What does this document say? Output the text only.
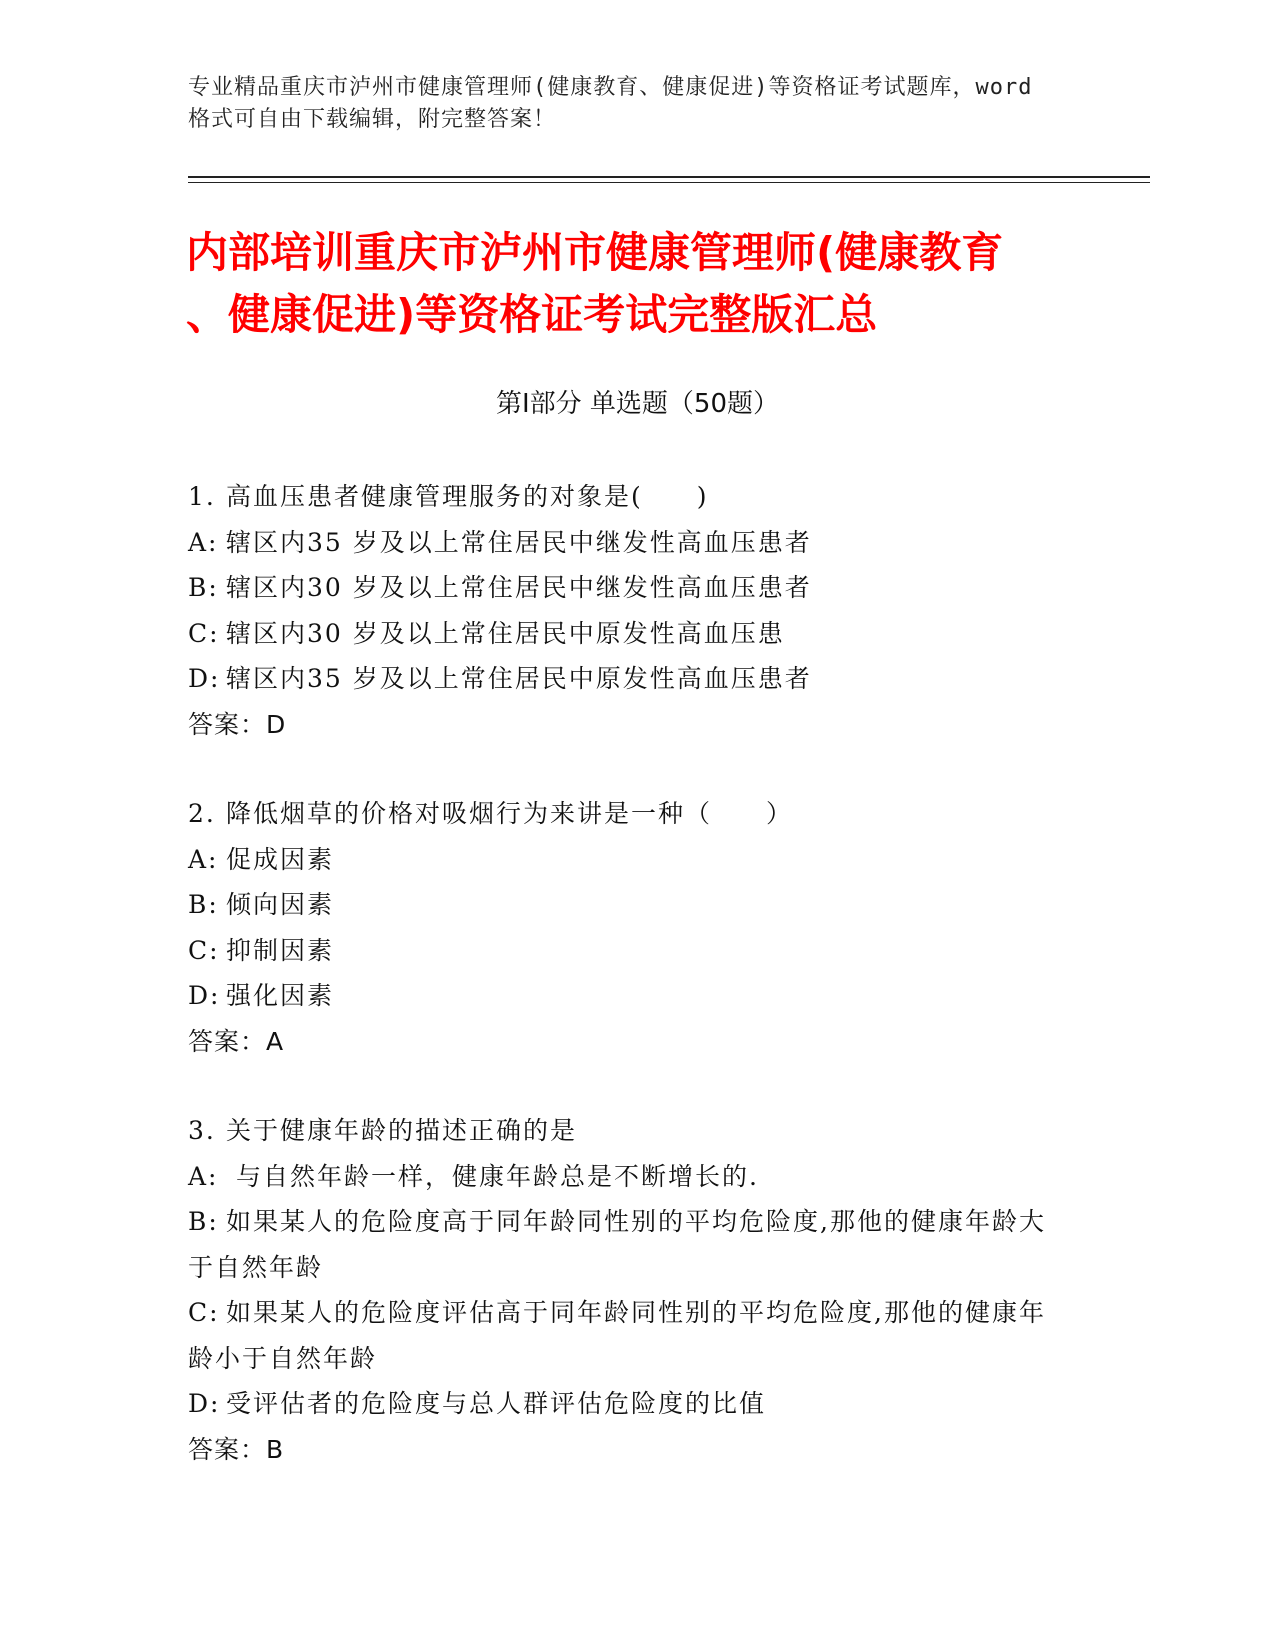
专业精品重庆市泸州市健康管理师(健康教育、健康促进)等资格证考试题库，word
格式可自由下载编辑，附完整答案！
内部培训重庆市泸州市健康管理师(健康教育
、健康促进)等资格证考试完整版汇总
第Ⅰ部分 单选题（50题）
1. 高血压患者健康管理服务的对象是(　　)
A: 辖区内35 岁及以上常住居民中继发性高血压患者
B: 辖区内30 岁及以上常住居民中继发性高血压患者
C: 辖区内30 岁及以上常住居民中原发性高血压患
D: 辖区内35 岁及以上常住居民中原发性高血压患者
答案：D
2. 降低烟草的价格对吸烟行为来讲是一种（　　）
A: 促成因素
B: 倾向因素
C: 抑制因素
D: 强化因素
答案：A
3. 关于健康年龄的描述正确的是
A: 与自然年龄一样，健康年龄总是不断增长的.
B: 如果某人的危险度高于同年龄同性别的平均危险度,那他的健康年龄大于自然年龄
C: 如果某人的危险度评估高于同年龄同性别的平均危险度,那他的健康年龄小于自然年龄
D: 受评估者的危险度与总人群评估危险度的比值
答案：B
